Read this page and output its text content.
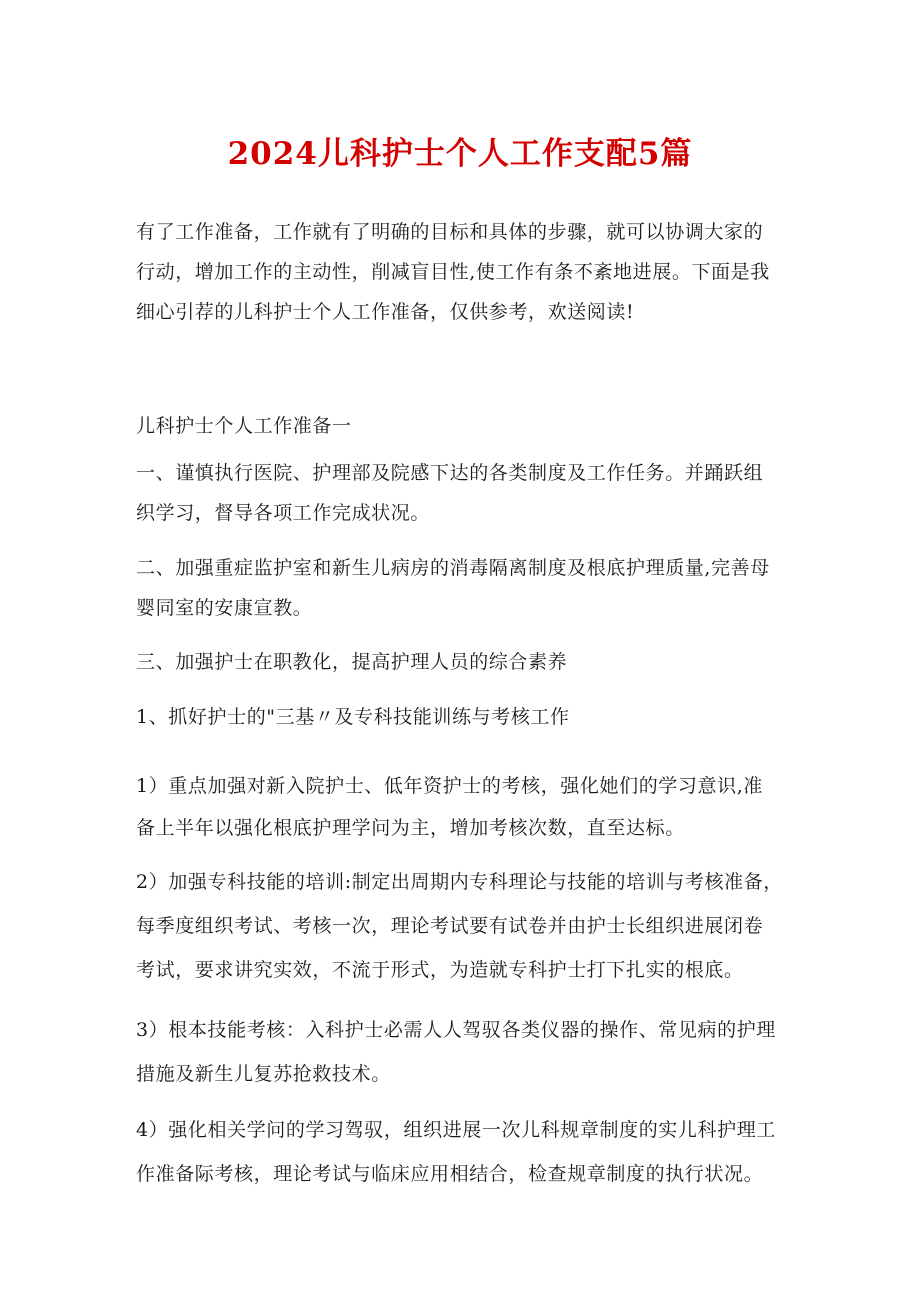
2024儿科护士个人工作支配5篇
有了工作准备，工作就有了明确的目标和具体的步骤，就可以协调大家的
行动，增加工作的主动性，削减盲目性,使工作有条不紊地进展。下面是我
细心引荐的儿科护士个人工作准备，仅供参考，欢送阅读!
儿科护士个人工作准备一
一、谨慎执行医院、护理部及院感下达的各类制度及工作任务。并踊跃组
织学习，督导各项工作完成状况。
二、加强重症监护室和新生儿病房的消毒隔离制度及根底护理质量,完善母
婴同室的安康宣教。
三、加强护士在职教化，提高护理人员的综合素养
1、抓好护士的"三基〃及专科技能训练与考核工作
1）重点加强对新入院护士、低年资护士的考核，强化她们的学习意识,准
备上半年以强化根底护理学问为主，增加考核次数，直至达标。
2）加强专科技能的培训:制定出周期内专科理论与技能的培训与考核准备，
每季度组织考试、考核一次，理论考试要有试卷并由护士长组织进展闭卷
考试，要求讲究实效，不流于形式，为造就专科护士打下扎实的根底。
3）根本技能考核：入科护士必需人人驾驭各类仪器的操作、常见病的护理
措施及新生儿复苏抢救技术。
4）强化相关学问的学习驾驭，组织进展一次儿科规章制度的实儿科护理工
作准备际考核，理论考试与临床应用相结合，检查规章制度的执行状况。
